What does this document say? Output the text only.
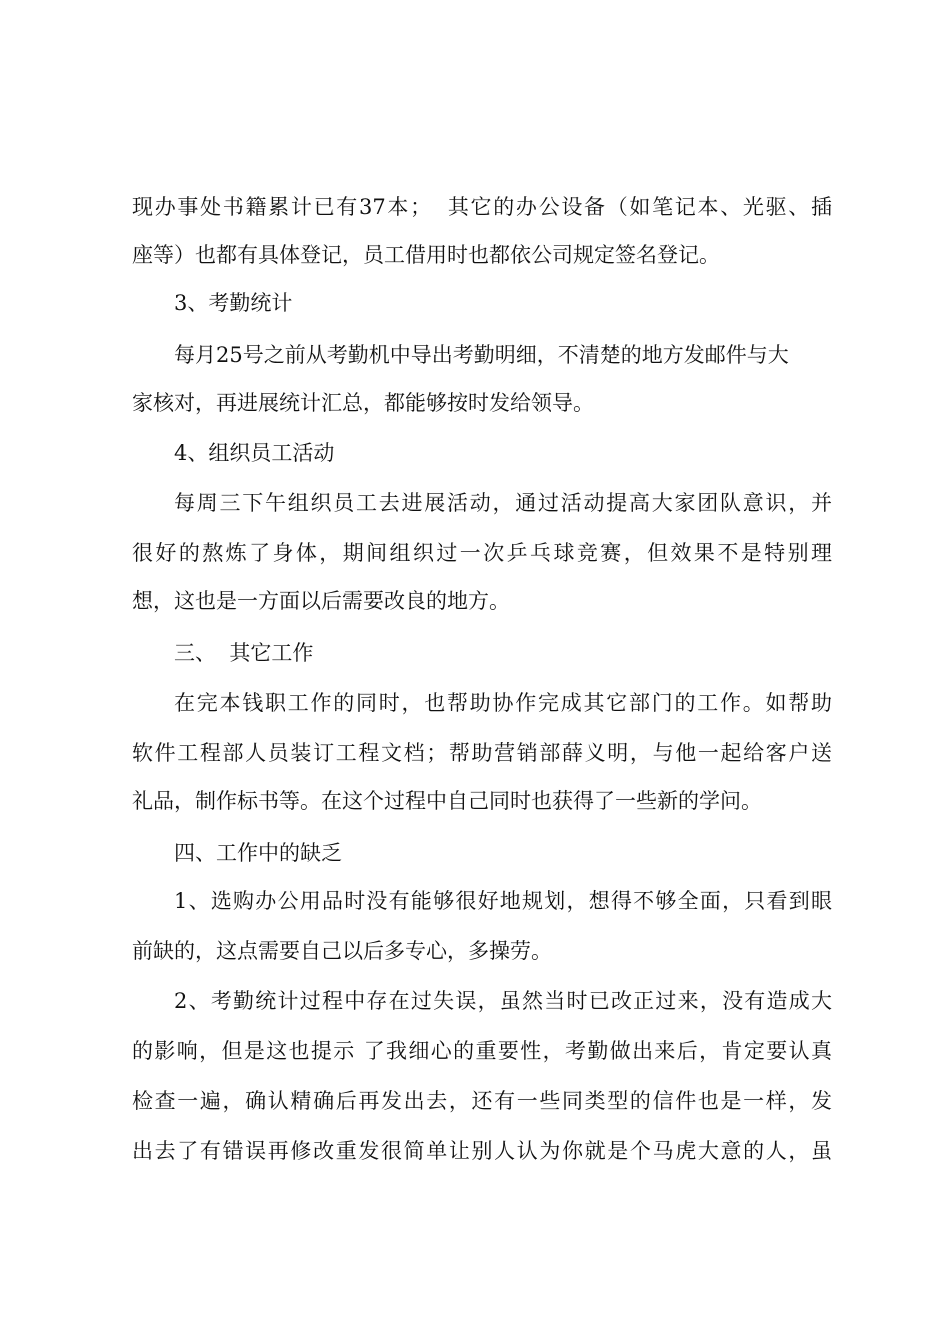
现办事处书籍累计已有37本；  其它的办公设备（如笔记本、光驱、插
座等）也都有具体登记，员工借用时也都依公司规定签名登记。
3、考勤统计
每月25号之前从考勤机中导出考勤明细，不清楚的地方发邮件与大
家核对，再进展统计汇总，都能够按时发给领导。
4、组织员工活动
每周三下午组织员工去进展活动，通过活动提高大家团队意识，并
很好的熬炼了身体，期间组织过一次乒乓球竞赛，但效果不是特别理
想，这也是一方面以后需要改良的地方。
三、  其它工作
在完本钱职工作的同时，也帮助协作完成其它部门的工作。如帮助
软件工程部人员装订工程文档；帮助营销部薛义明，与他一起给客户送
礼品，制作标书等。在这个过程中自己同时也获得了一些新的学问。
四、工作中的缺乏
1、选购办公用品时没有能够很好地规划，想得不够全面，只看到眼
前缺的，这点需要自己以后多专心，多操劳。
2、考勤统计过程中存在过失误，虽然当时已改正过来，没有造成大
的影响，但是这也提示 了我细心的重要性，考勤做出来后，肯定要认真
检查一遍，确认精确后再发出去，还有一些同类型的信件也是一样，发
出去了有错误再修改重发很简单让别人认为你就是个马虎大意的人，虽
